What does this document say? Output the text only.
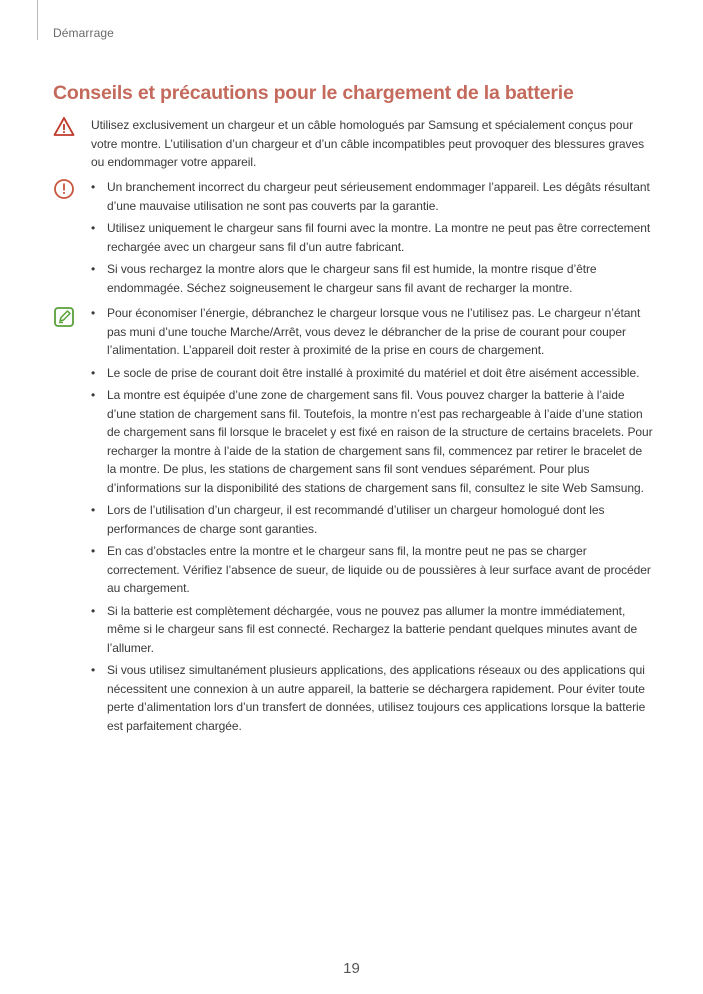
Démarrage
Conseils et précautions pour le chargement de la batterie

Utilisez exclusivement un chargeur et un câble homologués par Samsung et spécialement conçus pour votre montre. L’utilisation d’un chargeur et d’un câble incompatibles peut provoquer des blessures graves ou endommager votre appareil.

• Un branchement incorrect du chargeur peut sérieusement endommager l’appareil. Les dégâts résultant d’une mauvaise utilisation ne sont pas couverts par la garantie.
• Utilisez uniquement le chargeur sans fil fourni avec la montre. La montre ne peut pas être correctement rechargée avec un chargeur sans fil d’un autre fabricant.
• Si vous rechargez la montre alors que le chargeur sans fil est humide, la montre risque d’être endommagée. Séchez soigneusement le chargeur sans fil avant de recharger la montre.
• Pour économiser l’énergie, débranchez le chargeur lorsque vous ne l’utilisez pas. Le chargeur n’étant pas muni d’une touche Marche/Arrêt, vous devez le débrancher de la prise de courant pour couper l’alimentation. L’appareil doit rester à proximité de la prise en cours de chargement.
• Le socle de prise de courant doit être installé à proximité du matériel et doit être aisément accessible.
• La montre est équipée d’une zone de chargement sans fil. Vous pouvez charger la batterie à l’aide d’une station de chargement sans fil. Toutefois, la montre n’est pas rechargeable à l’aide d’une station de chargement sans fil lorsque le bracelet y est fixé en raison de la structure de certains bracelets. Pour recharger la montre à l’aide de la station de chargement sans fil, commencez par retirer le bracelet de la montre. De plus, les stations de chargement sans fil sont vendues séparément. Pour plus d’informations sur la disponibilité des stations de chargement sans fil, consultez le site Web Samsung.
• Lors de l’utilisation d’un chargeur, il est recommandé d’utiliser un chargeur homologué dont les performances de charge sont garanties.
• En cas d’obstacles entre la montre et le chargeur sans fil, la montre peut ne pas se charger correctement. Vérifiez l’absence de sueur, de liquide ou de poussières à leur surface avant de procéder au chargement.
• Si la batterie est complètement déchargée, vous ne pouvez pas allumer la montre immédiatement, même si le chargeur sans fil est connecté. Rechargez la batterie pendant quelques minutes avant de l’allumer.
• Si vous utilisez simultanément plusieurs applications, des applications réseaux ou des applications qui nécessitent une connexion à un autre appareil, la batterie se déchargera rapidement. Pour éviter toute perte d’alimentation lors d’un transfert de données, utilisez toujours ces applications lorsque la batterie est parfaitement chargée.
19
